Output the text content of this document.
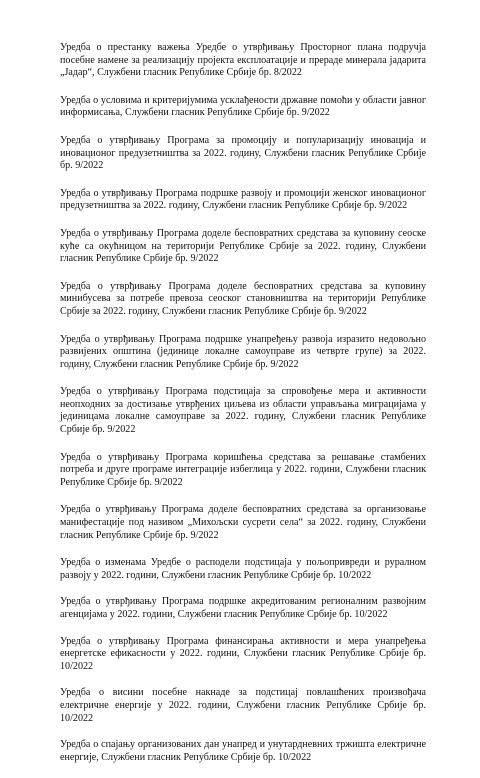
Уредба о престанку важења Уредбе о утврђивању Просторног плана подручја посебне намене за реализацију пројекта експлоатације и прераде минерала јадарита „Јадар“, Службени гласник Републике Србије бр. 8/2022

Уредба о условима и критеријумима усклађености државне помоћи у области јавног информисања, Службени гласник Републике Србије бр. 9/2022

Уредба о утврђивању Програма за промоцију и популаризацију иновација и иновационог предузетништва за 2022. годину, Службени гласник Републике Србије бр. 9/2022

Уредба о утврђивању Програма подршке развоју и промоцији женског иновационог предузетништва за 2022. годину, Службени гласник Републике Србије бр. 9/2022

Уредба о утврђивању Програма доделе бесповратних средстава за куповину сеоске куће са окућницом на територији Републике Србије за 2022. годину, Службени гласник Републике Србије бр. 9/2022

Уредба о утврђивању Програма доделе бесповратних средстава за куповину минибусева за потребе превоза сеоског становништва на територији Републике Србије за 2022. годину, Службени гласник Републике Србије бр. 9/2022

Уредба о утврђивању Програма подршке унапређењу развоја изразито недовољно развијених општина (јединице локалне самоуправе из четврте групе) за 2022. годину, Службени гласник Републике Србије бр. 9/2022

Уредба о утврђивању Програма подстицаја за спровођење мера и активности неопходних за достизање утврђених циљева из области управљања миграцијама у јединицама локалне самоуправе за 2022. годину, Службени гласник Републике Србије бр. 9/2022

Уредба о утврђивању Програма коришћења средстава за решавање стамбених потреба и друге програме интеграције избеглица у 2022. години, Службени гласник Републике Србије бр. 9/2022

Уредба о утврђивању Програма доделе бесповратних средстава за организовање манифестације под називом „Михољски сусрети села“ за 2022. годину, Службени гласник Републике Србије бр. 9/2022

Уредба о изменама Уредбе о расподели подстицаја у пољопривреди и руралном развоју у 2022. години, Службени гласник Републике Србије бр. 10/2022

Уредба о утврђивању Програма подршке акредитованим регионалним развојним агенцијама у 2022. години, Службени гласник Републике Србије бр. 10/2022

Уредба о утврђивању Програма финансирања активности и мера унапређења енергетске ефикасности у 2022. години, Службени гласник Републике Србије бр. 10/2022

Уредба о висини посебне накнаде за подстицај повлашћених произвођача електричне енергије у 2022. години, Службени гласник Републике Србије бр. 10/2022

Уредба о спајању организованих дан унапред и унутардневних тржишта електричне енергије, Службени гласник Републике Србије бр. 10/2022
